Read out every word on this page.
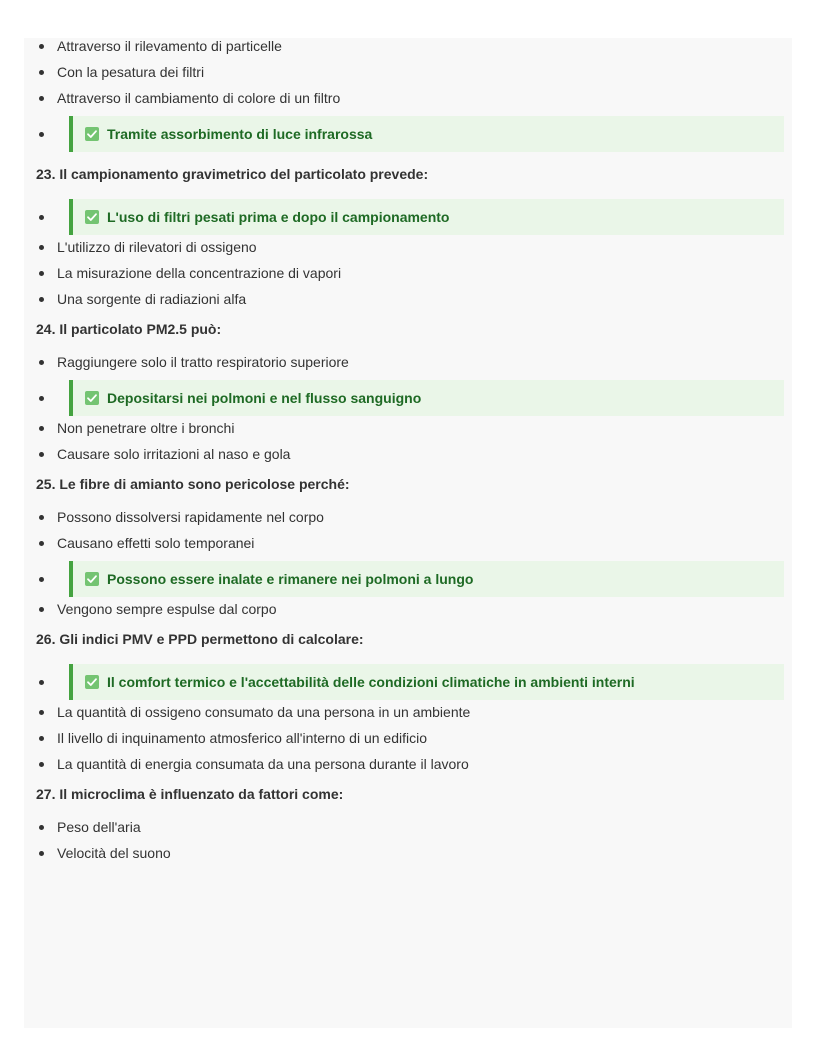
Attraverso il rilevamento di particelle
Con la pesatura dei filtri
Attraverso il cambiamento di colore di un filtro
Tramite assorbimento di luce infrarossa
23. Il campionamento gravimetrico del particolato prevede:
L'uso di filtri pesati prima e dopo il campionamento
L'utilizzo di rilevatori di ossigeno
La misurazione della concentrazione di vapori
Una sorgente di radiazioni alfa
24. Il particolato PM2.5 può:
Raggiungere solo il tratto respiratorio superiore
Depositarsi nei polmoni e nel flusso sanguigno
Non penetrare oltre i bronchi
Causare solo irritazioni al naso e gola
25. Le fibre di amianto sono pericolose perché:
Possono dissolversi rapidamente nel corpo
Causano effetti solo temporanei
Possono essere inalate e rimanere nei polmoni a lungo
Vengono sempre espulse dal corpo
26. Gli indici PMV e PPD permettono di calcolare:
Il comfort termico e l'accettabilità delle condizioni climatiche in ambienti interni
La quantità di ossigeno consumato da una persona in un ambiente
Il livello di inquinamento atmosferico all'interno di un edificio
La quantità di energia consumata da una persona durante il lavoro
27. Il microclima è influenzato da fattori come:
Peso dell'aria
Velocità del suono
